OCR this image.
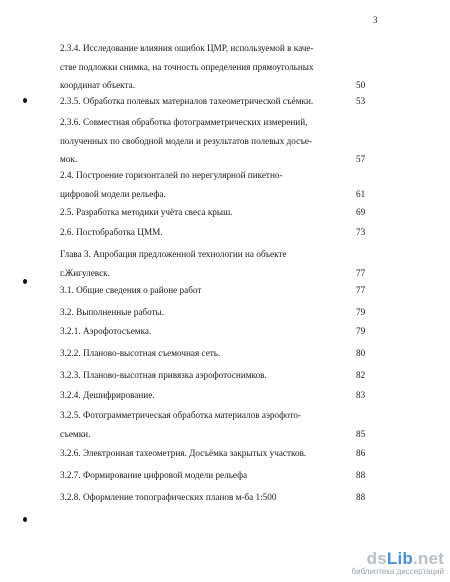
3
2.3.4. Исследование влияния ошибок ЦМР, используемой в каче-
стве подложки снимка, на точность определения прямоугольных
координат объекта.	50
2.3.5. Обработка полевых материалов тахеометрической съёмки.	53
2.3.6. Совместная обработка фотограмметрических измерений,
полученных по свободной модели и результатов полевых досъе-
мок.	57
2.4. Построение горизонталей по нерегулярной пикетно-
цифровой модели рельефа.	61
2.5. Разработка методики учёта свеса крыш.	69
2.6. Постобработка ЦММ.	73
Глава 3. Апробация предложенной технологии на объекте
г.Жигулевск.	77
3.1. Общие сведения о районе работ	77
3.2. Выполненные работы.	79
3.2.1. Аэрофотосъемка.	79
3.2.2. Планово-высотная съемочная сеть.	80
3.2.3. Планово-высотная привязка аэрофотоснимков.	82
3.2.4. Дешифрирование.	83
3.2.5. Фотограмметрическая обработка материалов аэрофото-
съемки.	85
3.2.6. Электронная тахеометрия. Досъёмка закрытых участков.	86
3.2.7. Формирование цифровой модели рельефа	88
3.2.8. Оформление топографических планов м-ба 1:500	88
dsLib.net
библиотека диссертаций
